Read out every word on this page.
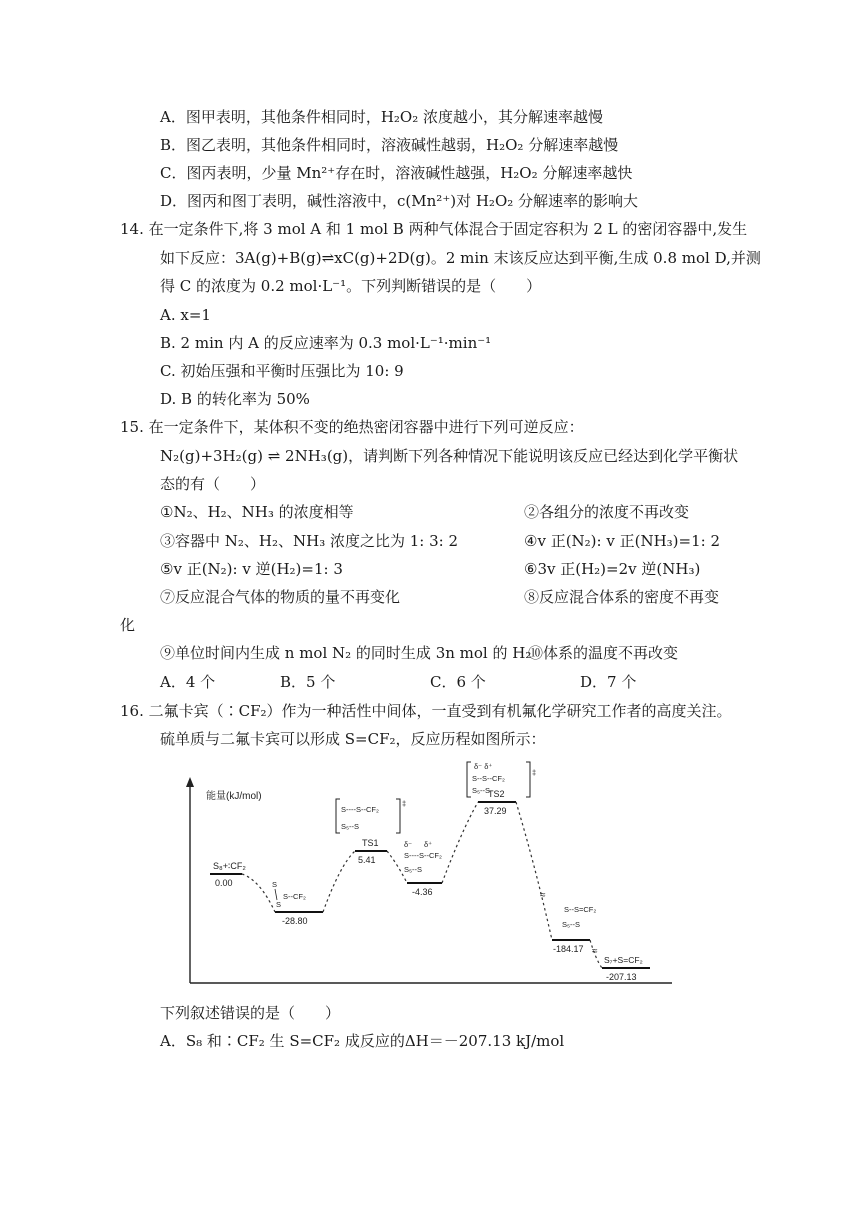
A．图甲表明，其他条件相同时，H₂O₂ 浓度越小，其分解速率越慢
B．图乙表明，其他条件相同时，溶液碱性越弱，H₂O₂ 分解速率越慢
C．图丙表明，少量 Mn²⁺存在时，溶液碱性越强，H₂O₂ 分解速率越快
D．图丙和图丁表明，碱性溶液中，c(Mn²⁺)对 H₂O₂ 分解速率的影响大
14. 在一定条件下,将 3 mol A 和 1 mol B 两种气体混合于固定容积为 2 L 的密闭容器中,发生
如下反应：3A(g)+B(g)⇌xC(g)+2D(g)。2 min 末该反应达到平衡,生成 0.8 mol D,并测
得 C 的浓度为 0.2 mol·L⁻¹。下列判断错误的是（　　）
A. x=1
B. 2 min 内 A 的反应速率为 0.3 mol·L⁻¹·min⁻¹
C. 初始压强和平衡时压强比为 10: 9
D. B 的转化率为 50%
15. 在一定条件下，某体积不变的绝热密闭容器中进行下列可逆反应：
N₂(g)+3H₂(g) ⇌ 2NH₃(g)，请判断下列各种情况下能说明该反应已经达到化学平衡状
态的有（　　）
①N₂、H₂、NH₃ 的浓度相等	②各组分的浓度不再改变
③容器中 N₂、H₂、NH₃ 浓度之比为 1: 3: 2	④v 正(N₂): v 正(NH₃)=1: 2
⑤v 正(N₂): v 逆(H₂)=1: 3	⑥3v 正(H₂)=2v 逆(NH₃)
⑦反应混合气体的物质的量不再变化	⑧反应混合体系的密度不再变
化
⑨单位时间内生成 n mol N₂ 的同时生成 3n mol 的 H₂
⑩体系的温度不再改变
A．4 个	B．5 个	C．6 个	D．7 个
16. 二氟卡宾（∶CF₂）作为一种活性中间体，一直受到有机氟化学研究工作者的高度关注。
硫单质与二氟卡宾可以形成 S=CF₂，反应历程如图所示：
能量(kJ/mol)
≈
≈
S₈+∶CF₂
0.00
-28.80
TS1
5.41
-4.36
TS2
37.29
-184.17
S₇+S=CF₂
-207.13
S
S
S--CF₂
S----S--CF₂
S₅--S
‡
δ⁻ δ⁺
S----S--CF₂
S₅--S
δ⁻ δ⁺
S--S--CF₂
S₅--S
‡
S--S=CF₂
S₅--S
下列叙述错误的是（　　）
A．S₈ 和∶CF₂ 生 S=CF₂ 成反应的ΔH＝－207.13 kJ/mol
